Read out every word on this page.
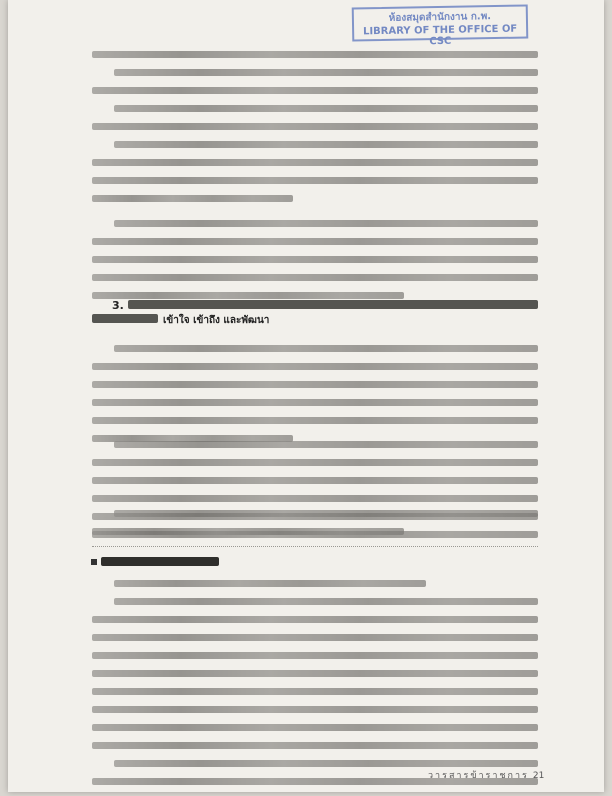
ห้องสมุดสำนักงาน ก.พ.
LIBRARY OF THE OFFICE OF CSC
3.
เข้าใจ เข้าถึง และพัฒนา
วารสารข้าราชการ 21
